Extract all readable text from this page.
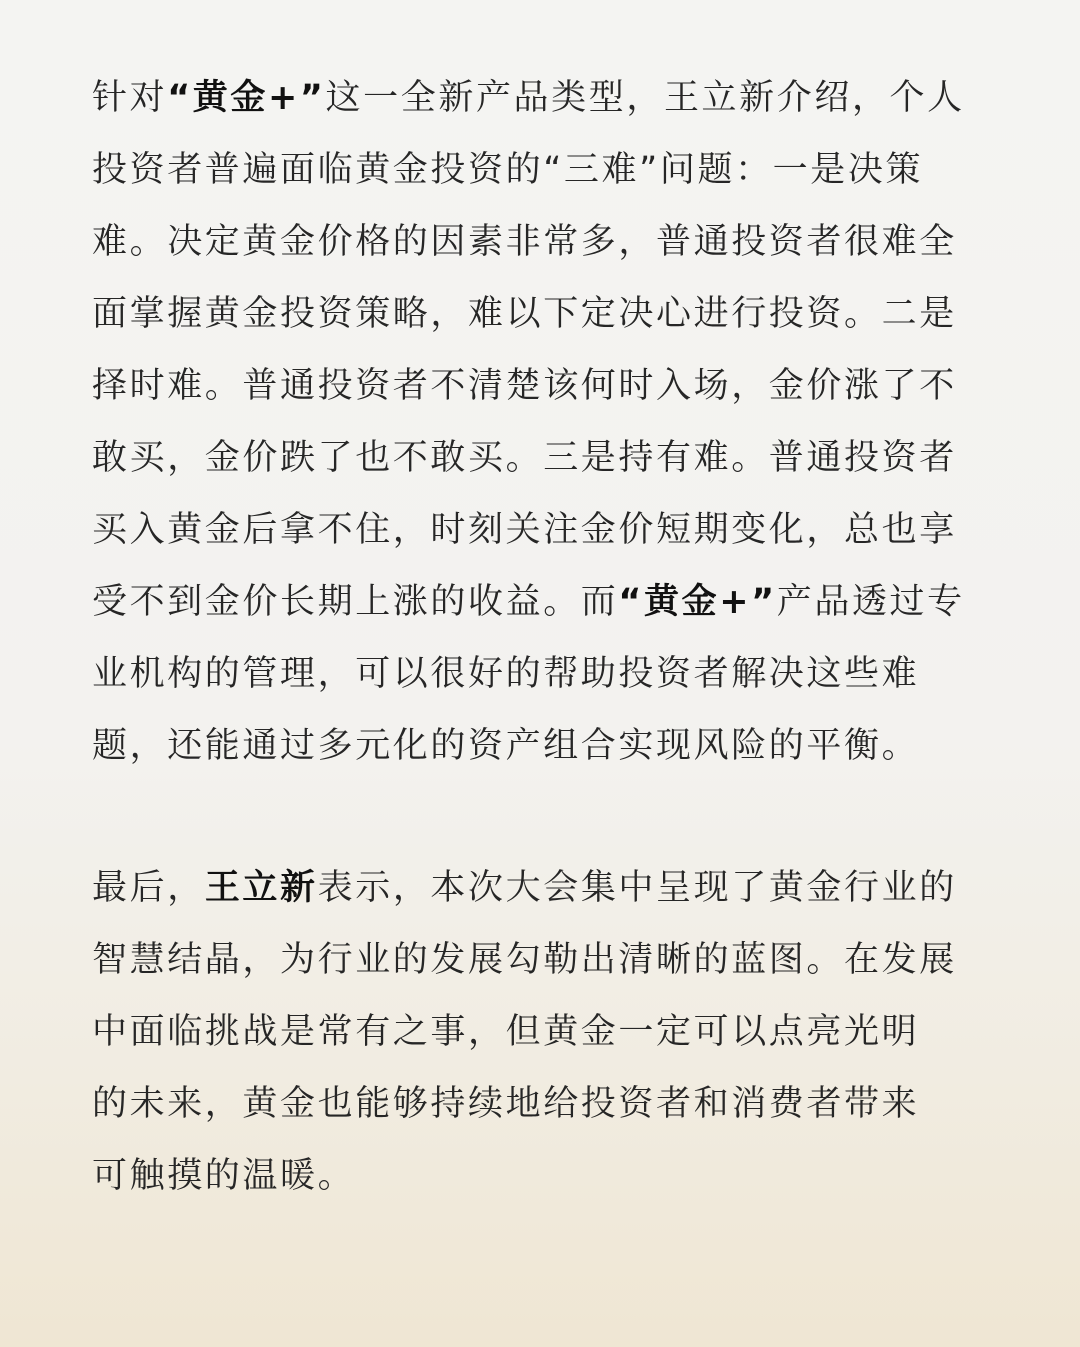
针对“黄金+”这一全新产品类型，王立新介绍，个人
投资者普遍面临黄金投资的“三难”问题：一是决策
难。决定黄金价格的因素非常多，普通投资者很难全
面掌握黄金投资策略，难以下定决心进行投资。二是
择时难。普通投资者不清楚该何时入场，金价涨了不
敢买，金价跌了也不敢买。三是持有难。普通投资者
买入黄金后拿不住，时刻关注金价短期变化，总也享
受不到金价长期上涨的收益。而“黄金+”产品透过专
业机构的管理，可以很好的帮助投资者解决这些难
题，还能通过多元化的资产组合实现风险的平衡。

最后，王立新表示，本次大会集中呈现了黄金行业的
智慧结晶，为行业的发展勾勒出清晰的蓝图。在发展
中面临挑战是常有之事，但黄金一定可以点亮光明
的未来，黄金也能够持续地给投资者和消费者带来
可触摸的温暖。
